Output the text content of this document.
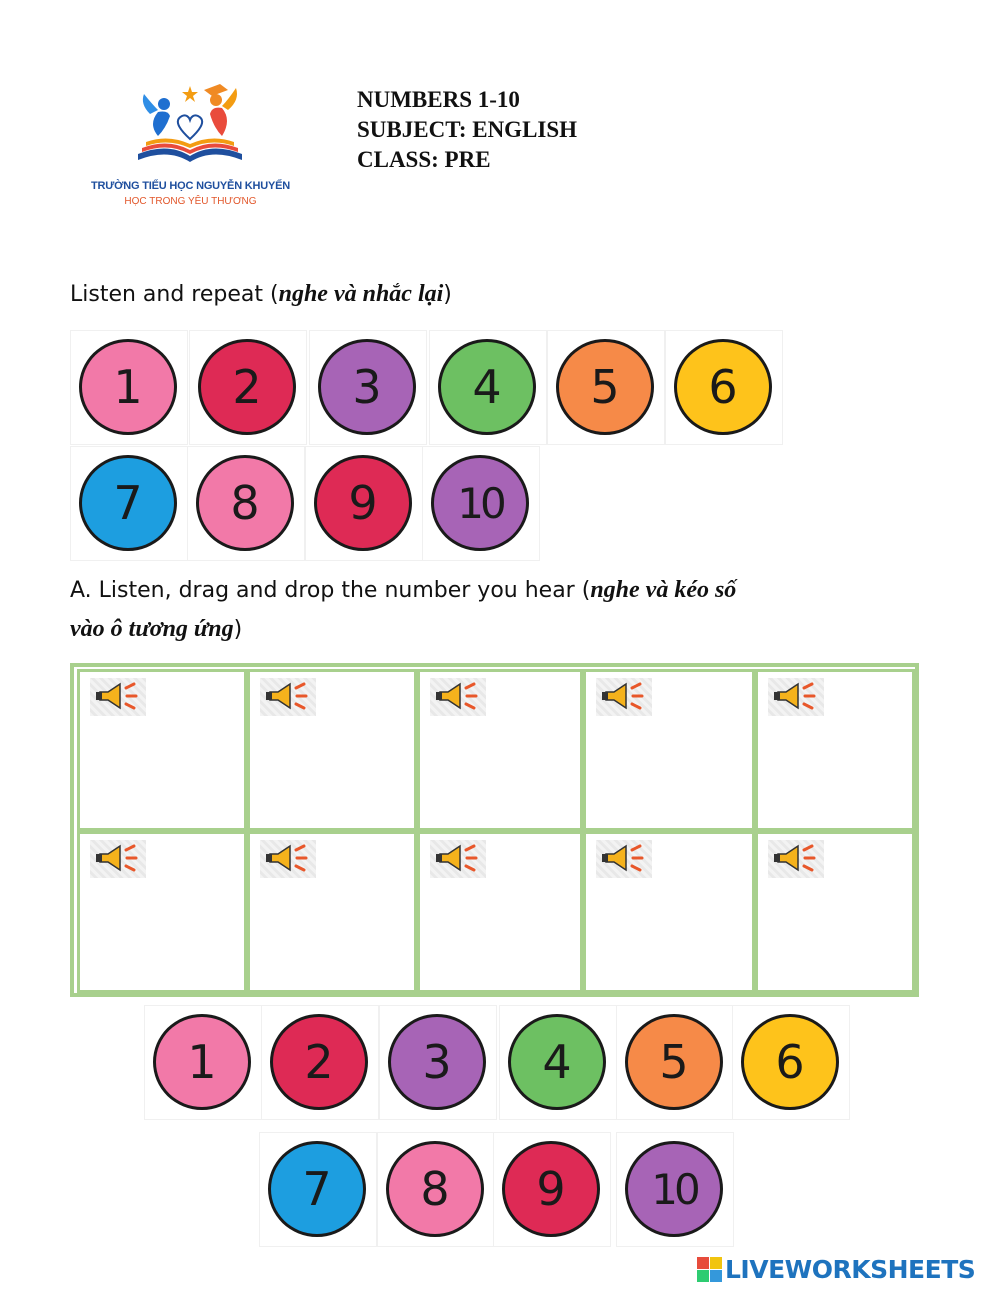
TRƯỜNG TIỂU HỌC NGUYỄN KHUYẾN
HỌC TRONG YÊU THƯƠNG
NUMBERS 1-10
SUBJECT: ENGLISH
CLASS: PRE
Listen and repeat (nghe và nhắc lại)
1	2	3	4	5	6
7	8	9	10
A. Listen, drag and drop the number you hear (nghe và kéo số
vào ô tương ứng)
1	2	3	4	5	6
7	8	9	10
LIVEWORKSHEETS
